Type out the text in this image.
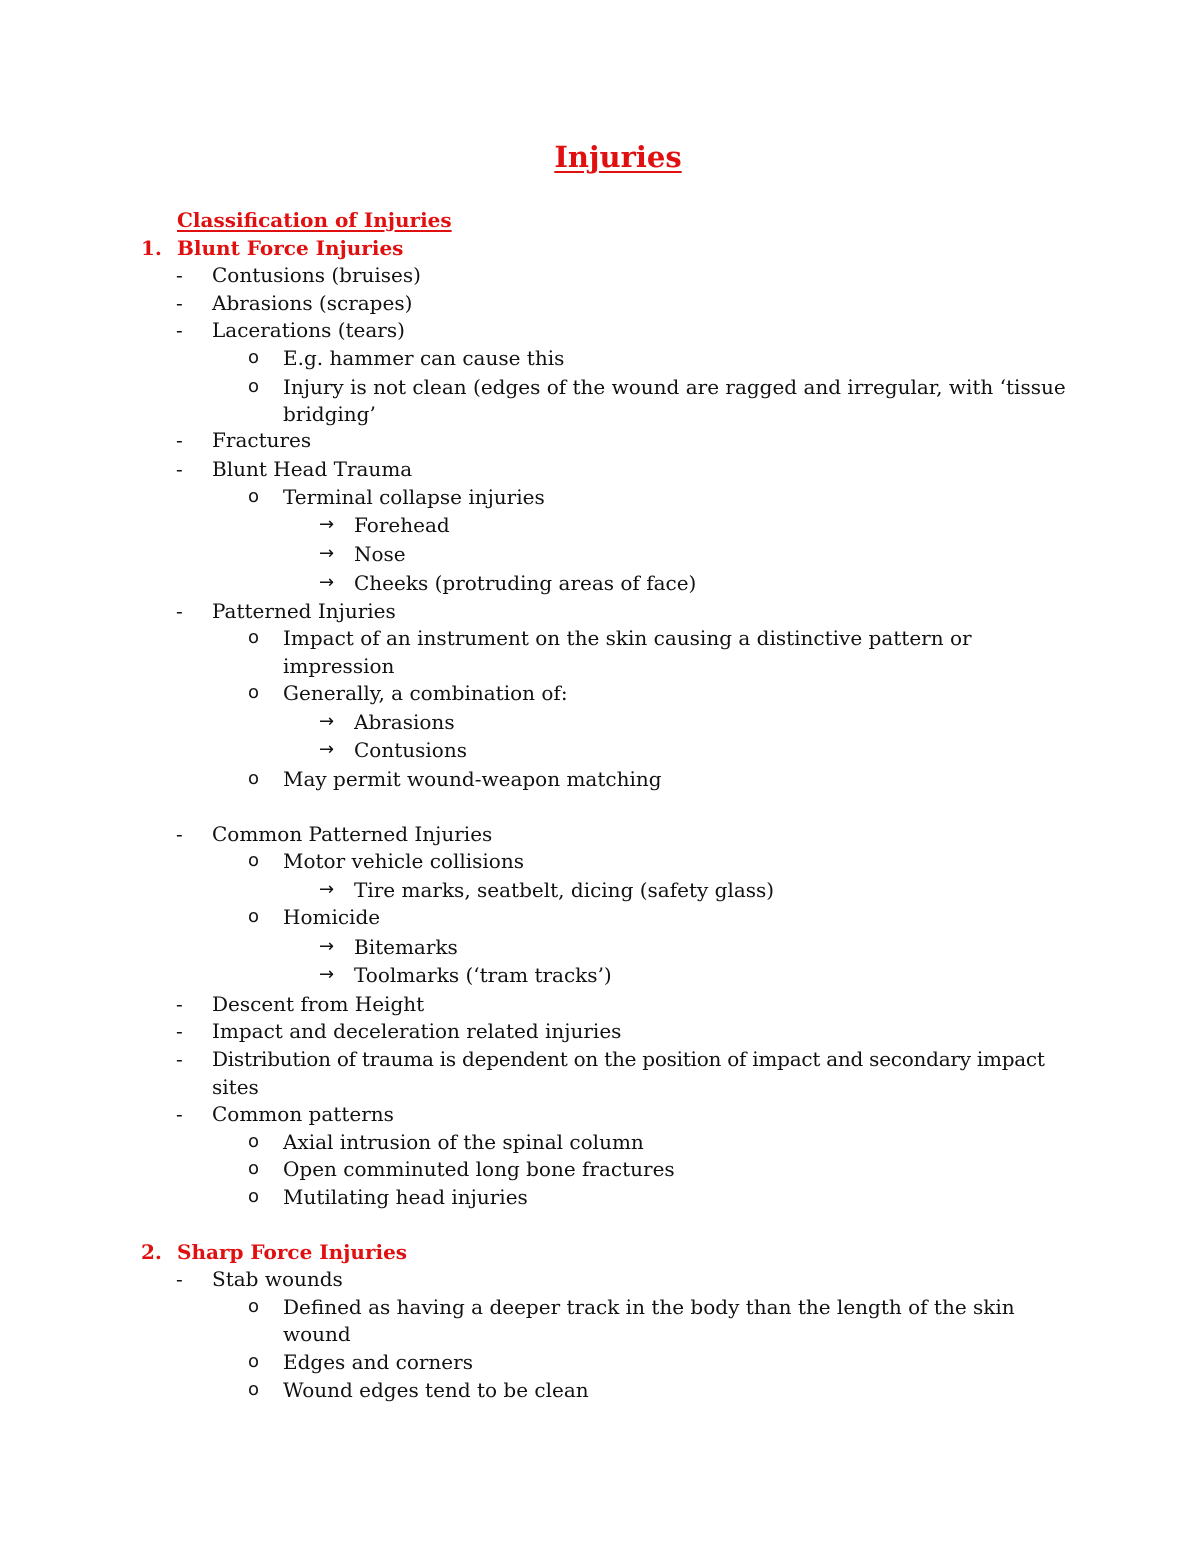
Injuries
Classification of Injuries
1. Blunt Force Injuries
-	Contusions (bruises)
-	Abrasions (scrapes)
-	Lacerations (tears)
o	E.g. hammer can cause this
o	Injury is not clean (edges of the wound are ragged and irregular, with ‘tissue
bridging’
-	Fractures
-	Blunt Head Trauma
o	Terminal collapse injuries
→ Forehead
→ Nose
→ Cheeks (protruding areas of face)
-	Patterned Injuries
o	Impact of an instrument on the skin causing a distinctive pattern or
impression
o	Generally, a combination of:
→ Abrasions
→ Contusions
o	May permit wound-weapon matching
-	Common Patterned Injuries
o	Motor vehicle collisions
→ Tire marks, seatbelt, dicing (safety glass)
o	Homicide
→ Bitemarks
→ Toolmarks (‘tram tracks’)
-	Descent from Height
-	Impact and deceleration related injuries
-	Distribution of trauma is dependent on the position of impact and secondary impact
sites
-	Common patterns
o	Axial intrusion of the spinal column
o	Open comminuted long bone fractures
o	Mutilating head injuries
2. Sharp Force Injuries
-	Stab wounds
o	Defined as having a deeper track in the body than the length of the skin
wound
o	Edges and corners
o	Wound edges tend to be clean
